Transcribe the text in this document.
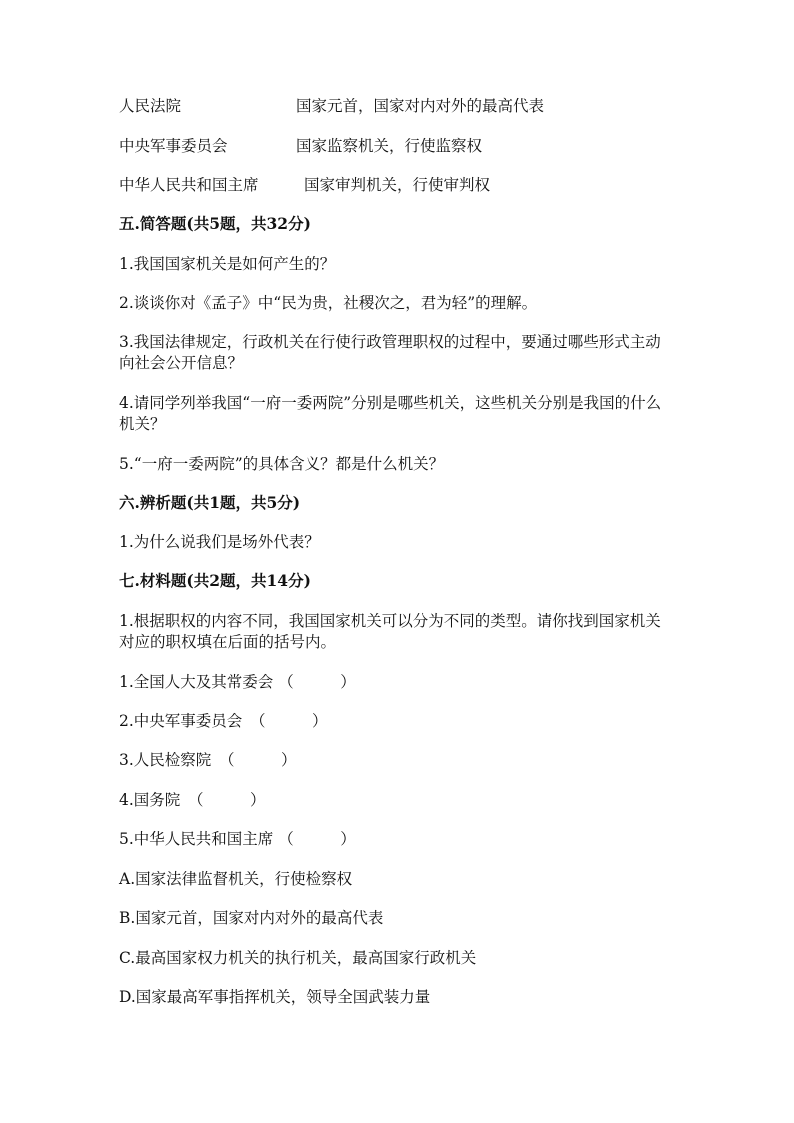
人民法院	国家元首，国家对内对外的最高代表
中央军事委员会	国家监察机关，行使监察权
中华人民共和国主席	国家审判机关，行使审判权
五.简答题(共5题，共32分)
1.我国国家机关是如何产生的？
2.谈谈你对《孟子》中“民为贵，社稷次之，君为轻”的理解。
3.我国法律规定，行政机关在行使行政管理职权的过程中，要通过哪些形式主动向社会公开信息？
4.请同学列举我国“一府一委两院”分别是哪些机关，这些机关分别是我国的什么机关？
5.“一府一委两院”的具体含义？都是什么机关？
六.辨析题(共1题，共5分)
1.为什么说我们是场外代表？
七.材料题(共2题，共14分)
1.根据职权的内容不同，我国国家机关可以分为不同的类型。请你找到国家机关对应的职权填在后面的括号内。
1.全国人大及其常委会 （　　　）
2.中央军事委员会　（　　　）
3.人民检察院　（　　　）
4.国务院　（　　　）
5.中华人民共和国主席 （　　　）
A.国家法律监督机关，行使检察权
B.国家元首，国家对内对外的最高代表
C.最高国家权力机关的执行机关，最高国家行政机关
D.国家最高军事指挥机关，领导全国武装力量
